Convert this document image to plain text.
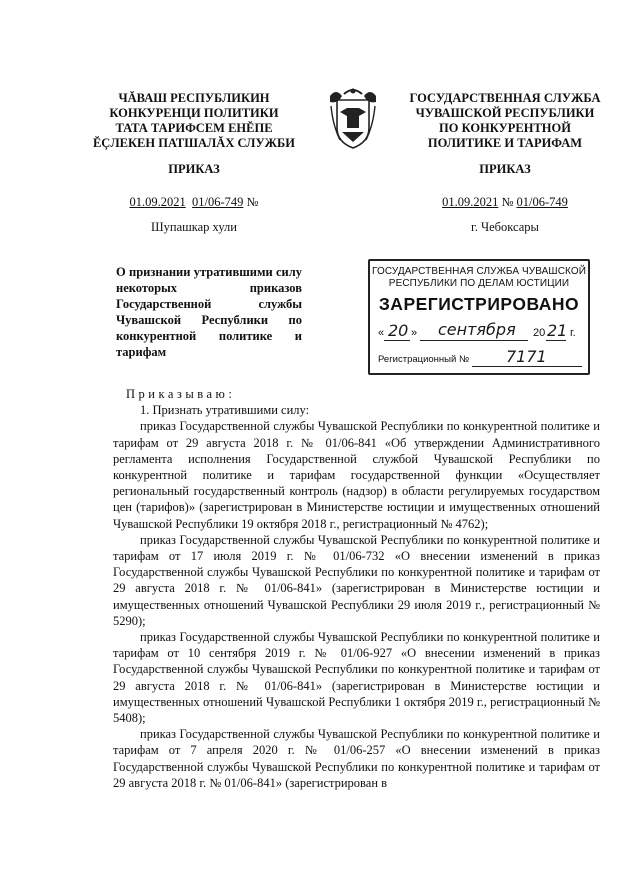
ЧĂВАШ РЕСПУБЛИКИН
КОНКУРЕНЦИ ПОЛИТИКИ
ТАТА ТАРИФСЕМ ЕНĔПЕ
ĔÇЛЕКЕН ПАТШАЛĂХ СЛУЖБИ
ГОСУДАРСТВЕННАЯ СЛУЖБА
ЧУВАШСКОЙ РЕСПУБЛИКИ
ПО КОНКУРЕНТНОЙ
ПОЛИТИКЕ И ТАРИФАМ
ПРИКАЗ	ПРИКАЗ
01.09.2021 01/06-749 №	01.09.2021 № 01/06-749
Шупашкар хули	г. Чебоксары
О признании утратившими силу некоторых приказов Государственной службы Чувашской Республики по конкурентной политике и тарифам
ГОСУДАРСТВЕННАЯ СЛУЖБА ЧУВАШСКОЙ
РЕСПУБЛИКИ ПО ДЕЛАМ ЮСТИЦИИ
ЗАРЕГИСТРИРОВАНО
« 20 » сентября 20 21 г.
Регистрационный № 7171

Приказываю:

1. Признать утратившими силу:

приказ Государственной службы Чувашской Республики по конкурентной политике и тарифам от 29 августа 2018 г. № 01/06-841 «Об утверждении Административного регламента исполнения Государственной службой Чувашской Республики по конкурентной политике и тарифам государственной функции «Осуществляет региональный государственный контроль (надзор) в области регулируемых государством цен (тарифов)» (зарегистрирован в Министерстве юстиции и имущественных отношений Чувашской Республики 19 октября 2018 г., регистрационный № 4762);

приказ Государственной службы Чувашской Республики по конкурентной политике и тарифам от 17 июля 2019 г. № 01/06-732 «О внесении изменений в приказ Государственной службы Чувашской Республики по конкурентной политике и тарифам от 29 августа 2018 г. № 01/06-841» (зарегистрирован в Министерстве юстиции и имущественных отношений Чувашской Республики 29 июля 2019 г., регистрационный № 5290);

приказ Государственной службы Чувашской Республики по конкурентной политике и тарифам от 10 сентября 2019 г. № 01/06-927 «О внесении изменений в приказ Государственной службы Чувашской Республики по конкурентной политике и тарифам от 29 августа 2018 г. № 01/06-841» (зарегистрирован в Министерстве юстиции и имущественных отношений Чувашской Республики 1 октября 2019 г., регистрационный № 5408);

приказ Государственной службы Чувашской Республики по конкурентной политике и тарифам от 7 апреля 2020 г. № 01/06-257 «О внесении изменений в приказ Государственной службы Чувашской Республики по конкурентной политике и тарифам от 29 августа 2018 г. № 01/06-841» (зарегистрирован в
